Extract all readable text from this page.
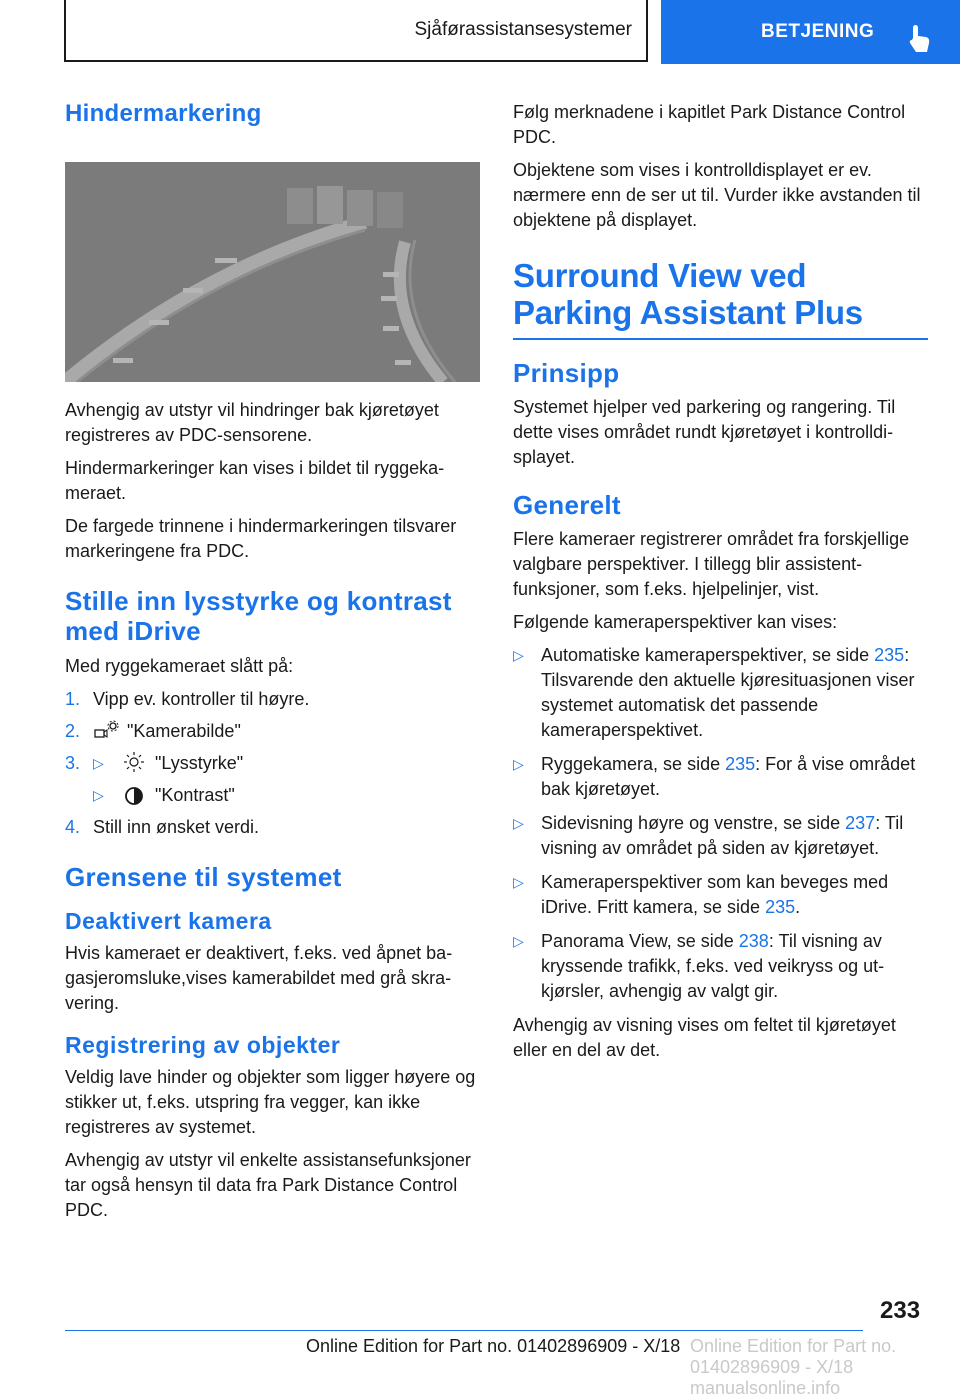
Sjåførassistansesystemer	BETJENING
Hindermarkering

Avhengig av utstyr vil hindringer bak kjøretøyet registreres av PDC-sensorene.

Hindermarkeringer kan vises i bildet til ryggekameraet.

De fargede trinnene i hindermarkeringen tilsvarer markeringene fra PDC.

Stille inn lysstyrke og kontrast med iDrive

Med ryggekameraet slått på:

1. Vipp ev. kontroller til høyre.
2.	"Kamerabilde"
3. ▷	"Lysstyrke"
▷	"Kontrast"
4. Still inn ønsket verdi.
Grensene til systemet
Deaktivert kamera

Hvis kameraet er deaktivert, f.eks. ved åpnet bagasjeromsluke,vises kamerabildet med grå skravering.

Registrering av objekter

Veldig lave hinder og objekter som ligger høyere og stikker ut, f.eks. utspring fra vegger, kan ikke registreres av systemet.

Avhengig av utstyr vil enkelte assistansefunksjoner tar også hensyn til data fra Park Distance Control PDC.

Følg merknadene i kapitlet Park Distance Control PDC.

Objektene som vises i kontrolldisplayet er ev. nærmere enn de ser ut til. Vurder ikke avstanden til objektene på displayet.

Surround View ved Parking Assistant Plus
Prinsipp

Systemet hjelper ved parkering og rangering. Til dette vises området rundt kjøretøyet i kontrolldisplayet.

Generelt

Flere kameraer registrerer området fra forskjellige valgbare perspektiver. I tillegg blir assistentfunksjoner, som f.eks. hjelpelinjer, vist.

Følgende kameraperspektiver kan vises:

▷ Automatiske kameraperspektiver, se side 235: Tilsvarende den aktuelle kjøresituasjonen viser systemet automatisk det passende kameraperspektivet.
▷ Ryggekamera, se side 235: For å vise området bak kjøretøyet.
▷ Sidevisning høyre og venstre, se side 237: Til visning av området på siden av kjøretøyet.
▷ Kameraperspektiver som kan beveges med iDrive. Fritt kamera, se side 235.
▷ Panorama View, se side 238: Til visning av kryssende trafikk, f.eks. ved veikryss og utkjørsler, avhengig av valgt gir.

Avhengig av visning vises om feltet til kjøretøyet eller en del av det.

233
Online Edition for Part no. 01402896909 - X/18 manualsonline.info
Online Edition for Part no. 01402896909 - X/18
